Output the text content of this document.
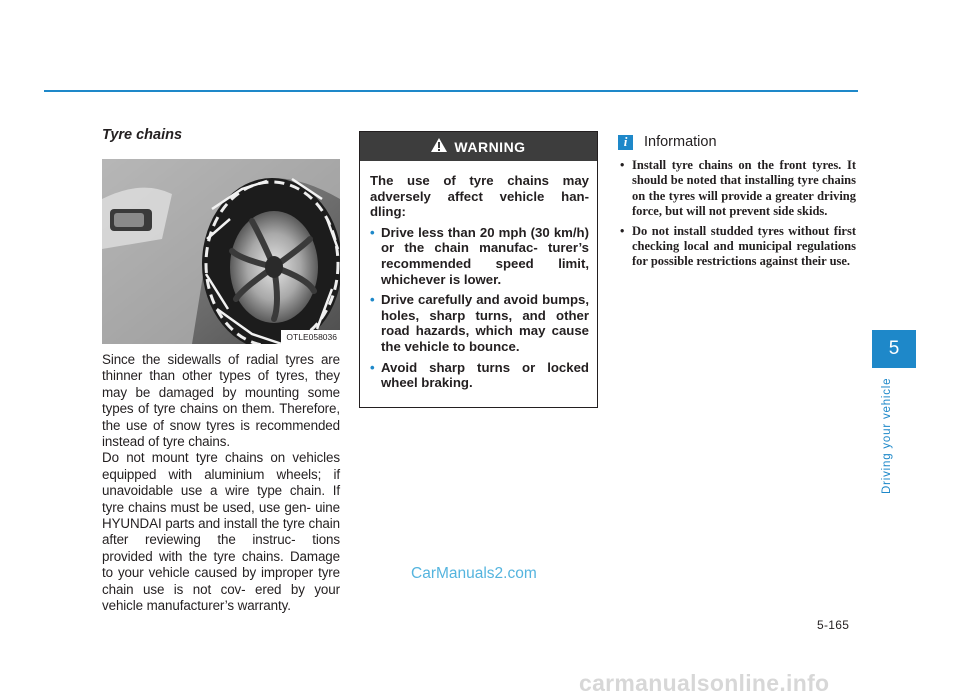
Tyre chains
OTLE058036

Since the sidewalls of radial tyres are thinner than other types of tyres, they may be damaged by mounting some types of tyre chains on them. Therefore, the use of snow tyres is recommended instead of tyre chains.

Do not mount tyre chains on vehicles equipped with aluminium wheels; if unavoidable use a wire type chain. If tyre chains must be used, use gen- uine HYUNDAI parts and install the tyre chain after reviewing the instruc- tions provided with the tyre chains. Damage to your vehicle caused by improper tyre chain use is not cov- ered by your vehicle manufacturer’s warranty.

WARNING

The use of tyre chains may adversely affect vehicle han- dling:

• Drive less than 20 mph (30 km/h) or the chain manufac- turer’s recommended speed limit, whichever is lower.
• Drive carefully and avoid bumps, holes, sharp turns, and other road hazards, which may cause the vehicle to bounce.
• Avoid sharp turns or locked wheel braking.
i	Information
• Install tyre chains on the front tyres. It should be noted that installing tyre chains on the tyres will provide a greater driving force, but will not prevent side skids.
• Do not install studded tyres without first checking local and municipal regulations for possible restrictions against their use.
5
Driving your vehicle
5-165
CarManuals2.com
carmanualsonline.info
